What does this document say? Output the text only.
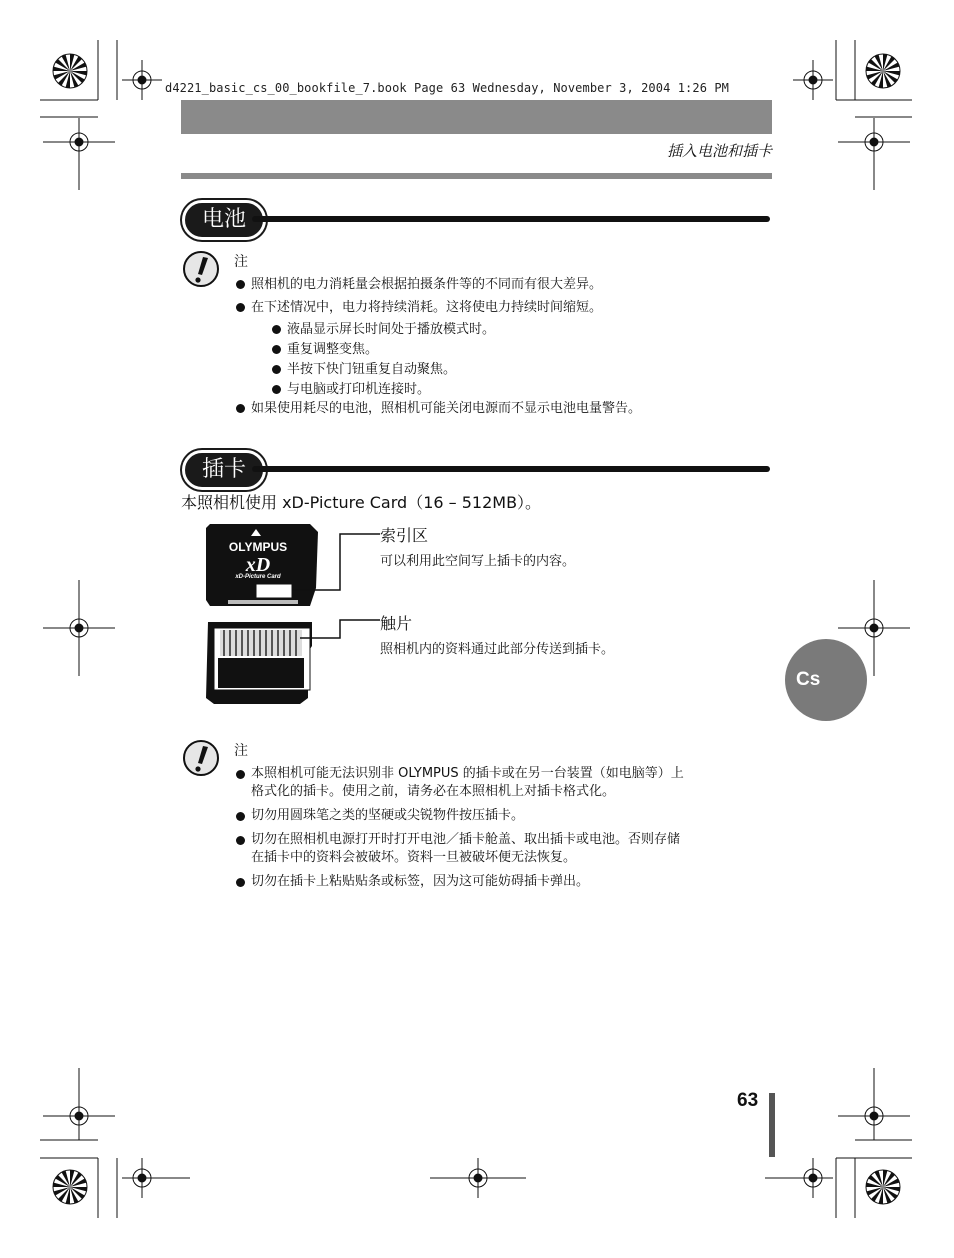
d4221_basic_cs_00_bookfile_7.book Page 63 Wednesday, November 3, 2004 1:26 PM
插入电池和插卡
电池
注
照相机的电力消耗量会根据拍摄条件等的不同而有很大差异。
在下述情况中，电力将持续消耗。这将使电力持续时间缩短。
液晶显示屏长时间处于播放模式时。
重复调整变焦。
半按下快门钮重复自动聚焦。
与电脑或打印机连接时。
如果使用耗尽的电池，照相机可能关闭电源而不显示电池电量警告。
插卡
本照相机使用 xD-Picture Card（16 – 512MB）。
OLYMPUS
xD
xD-Picture Card
索引区
可以利用此空间写上插卡的内容。
触片
照相机内的资料通过此部分传送到插卡。
注
本照相机可能无法识别非 OLYMPUS 的插卡或在另一台装置（如电脑等）上
格式化的插卡。使用之前，请务必在本照相机上对插卡格式化。
切勿用圆珠笔之类的坚硬或尖锐物件按压插卡。
切勿在照相机电源打开时打开电池／插卡舱盖、取出插卡或电池。否则存储
在插卡中的资料会被破坏。资料一旦被破坏便无法恢复。
切勿在插卡上粘贴贴条或标签，因为这可能妨碍插卡弹出。
Cs
63
